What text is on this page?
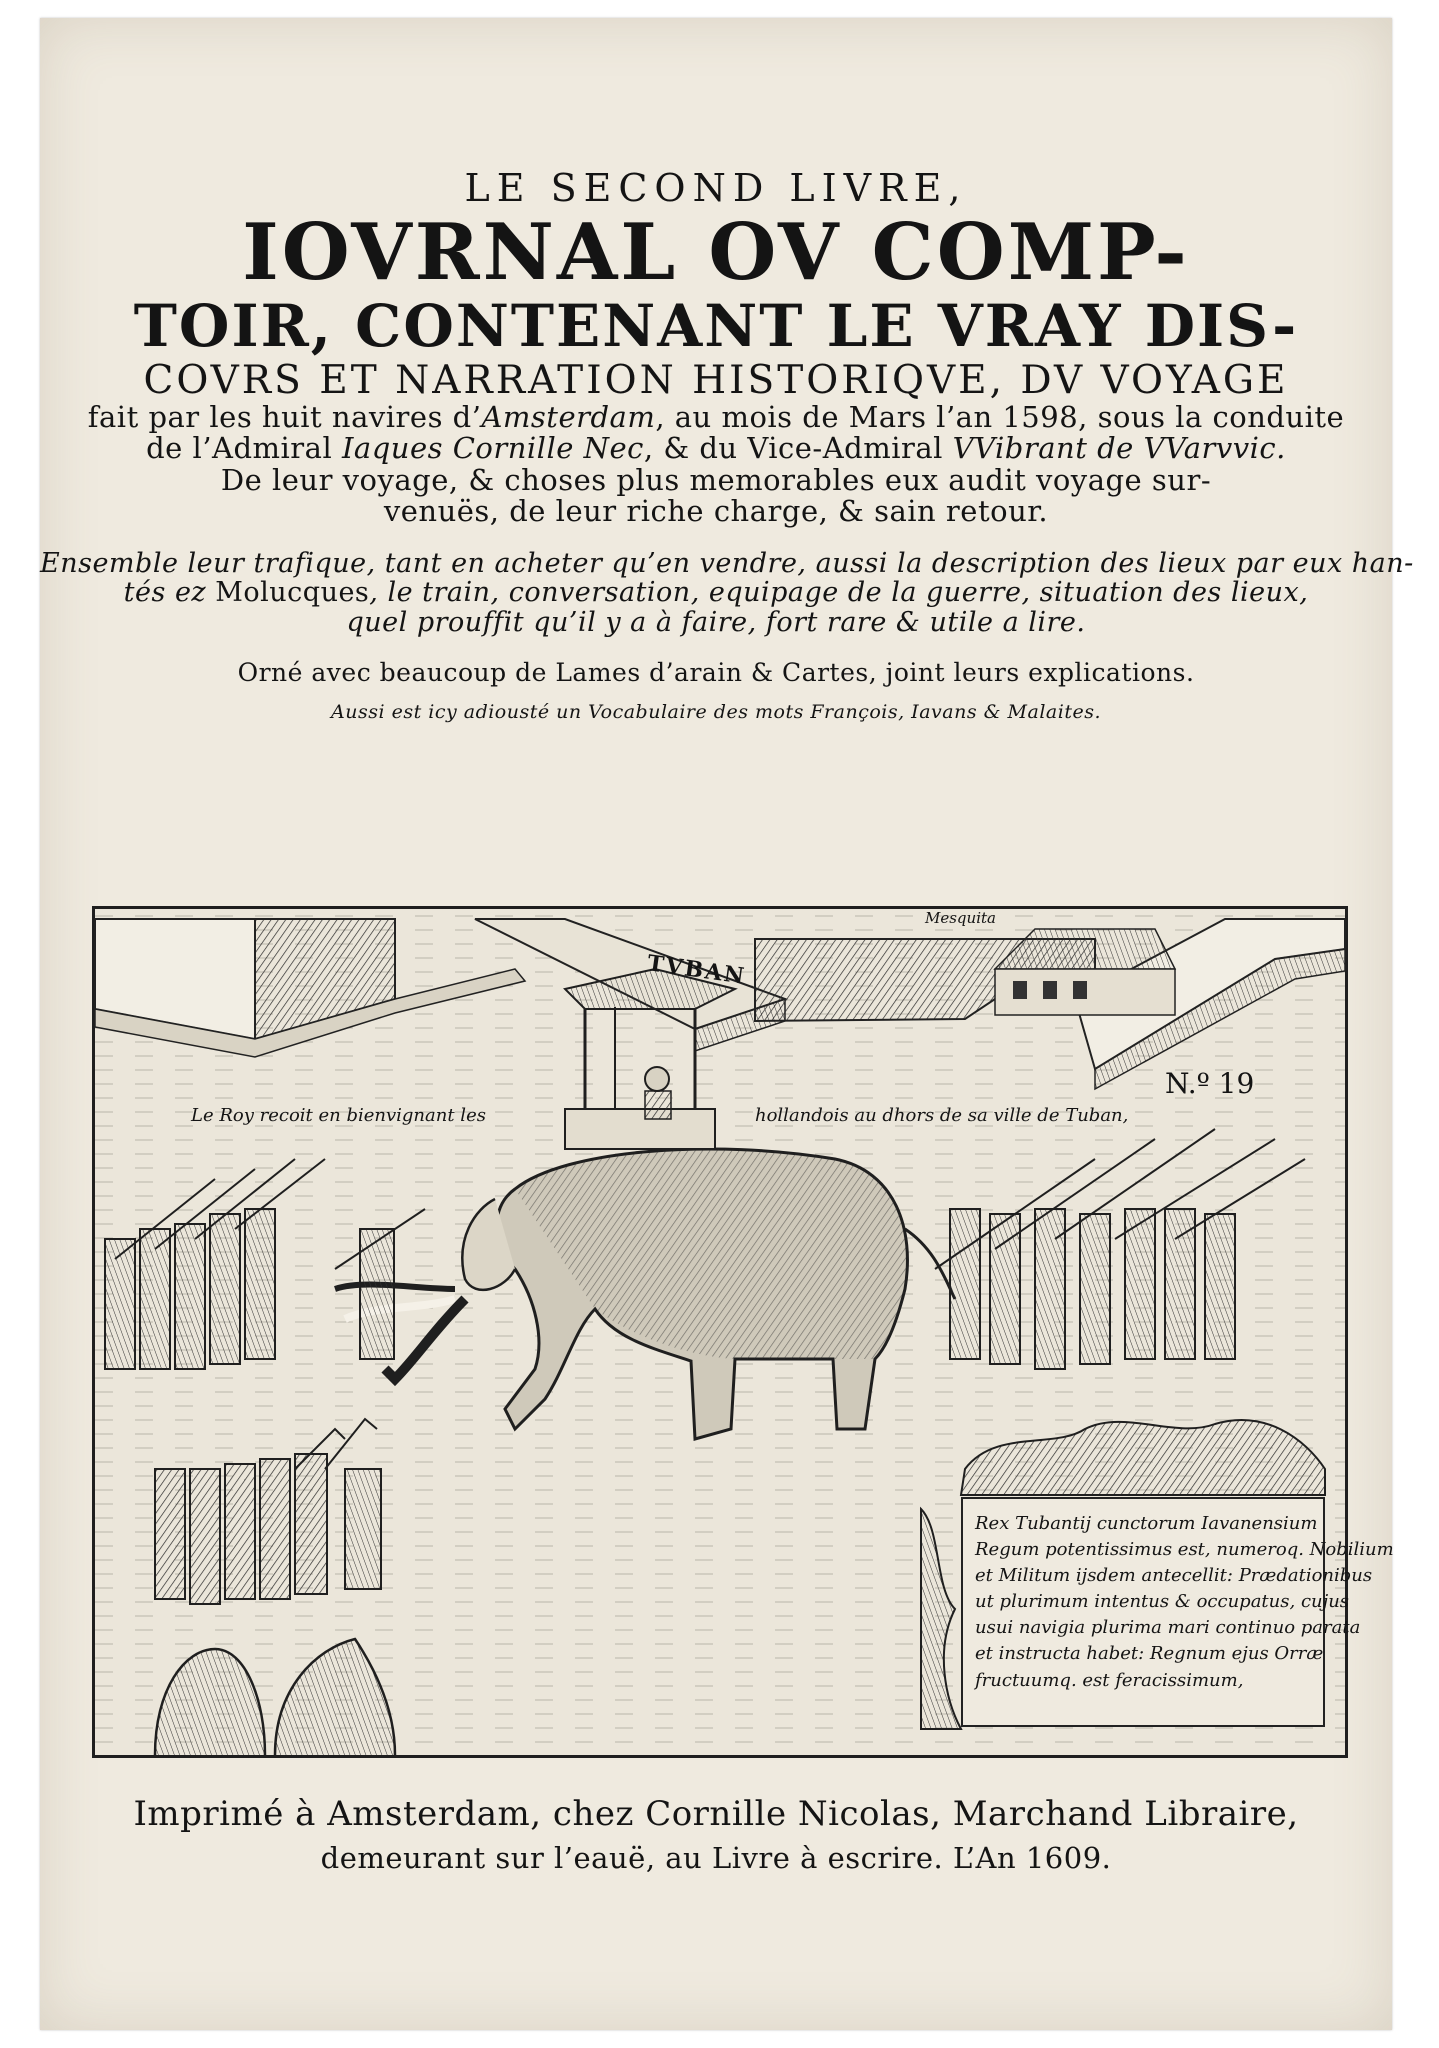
LE SECOND LIVRE,

IOVRNAL OV COMP-

TOIR, CONTENANT LE VRAY DIS-

COVRS ET NARRATION HISTORIQVE, DV VOYAGE

fait par les huit navires d’Amsterdam, au mois de Mars l’an 1598, sous la conduite

de l’Admiral Iaques Cornille Nec, & du Vice-Admiral VVibrant de VVarvvic.

De leur voyage, & choses plus memorables eux audit voyage sur-

venuës, de leur riche charge, & sain retour.

Ensemble leur trafique, tant en acheter qu’en vendre, aussi la description des lieux par eux han-

tés ez Molucques, le train, conversation, equipage de la guerre, situation des lieux,

quel prouffit qu’il y a à faire, fort rare & utile a lire.

Orné avec beaucoup de Lames d’arain & Cartes, joint leurs explications.

Aussi est icy adiousté un Vocabulaire des mots François, Iavans & Malaites.

Mesquita
TVBAN
N.º 19
Le Roy recoit en bienvignant les	hollandois au dhors de sa ville de Tuban,
Rex Tubantij cunctorum Iavanensium
Regum potentissimus est, numeroq. Nobilium
et Militum ijsdem antecellit: Prædationibus
ut plurimum intentus & occupatus, cujus
usui navigia plurima mari continuo parata
et instructa habet: Regnum ejus Orræ
fructuumq. est feracissimum,

Imprimé à Amsterdam, chez Cornille Nicolas, Marchand Libraire,

demeurant sur l’eauë, au Livre à escrire. L’An 1609.
